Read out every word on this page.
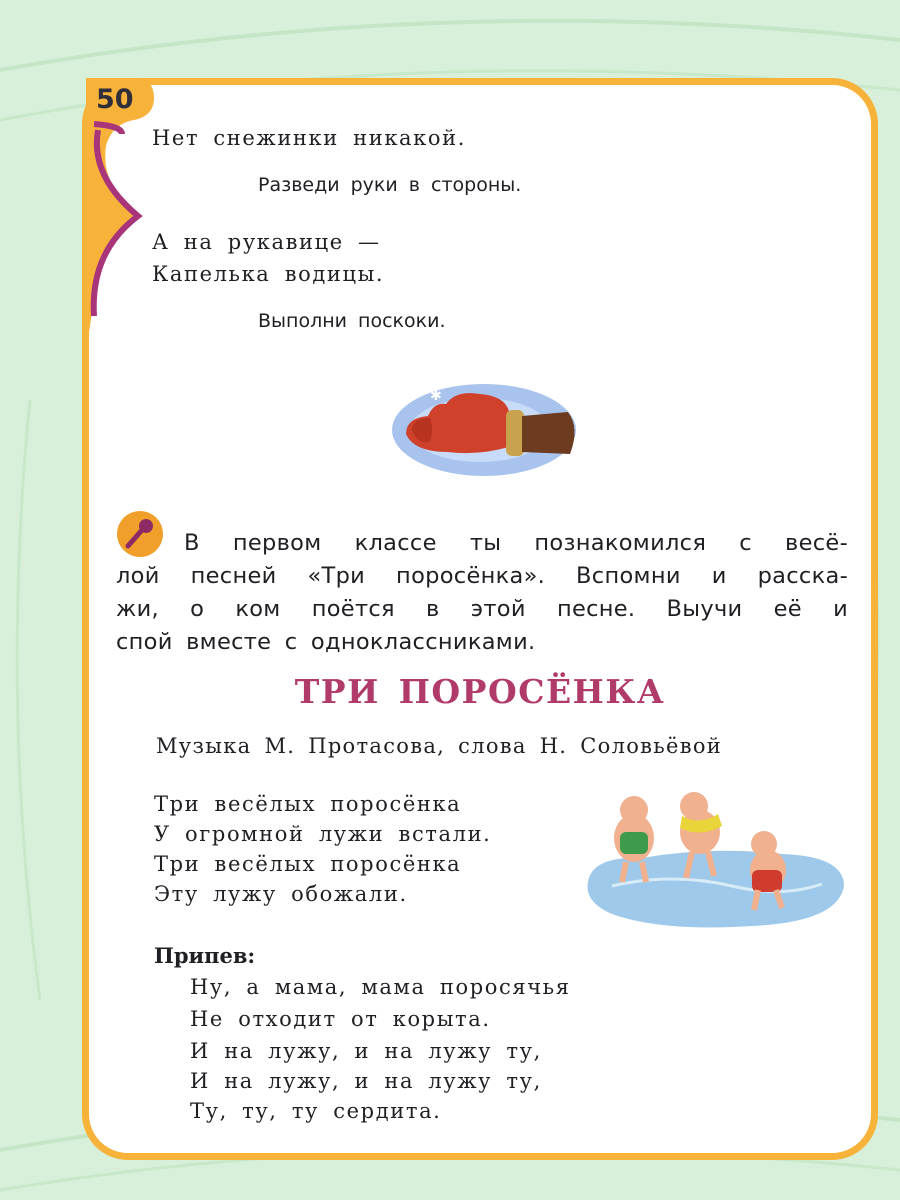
50
Нет снежинки никакой.
Разведи руки в стороны.
А на рукавице —
Капелька водицы.
Выполни поскоки.
✱
В первом классе ты познакомился с весё-
лой песней «Три поросёнка». Вспомни и расска-
жи, о ком поётся в этой песне. Выучи её и
спой вместе с одноклассниками.
ТРИ ПОРОСЁНКА
Музыка М. Протасова, слова Н. Соловьёвой
Три весёлых поросёнка
У огромной лужи встали.
Три весёлых поросёнка
Эту лужу обожали.
Припев:
Ну, а мама, мама поросячья
Не отходит от корыта.
И на лужу, и на лужу ту,
И на лужу, и на лужу ту,
Ту, ту, ту сердита.
